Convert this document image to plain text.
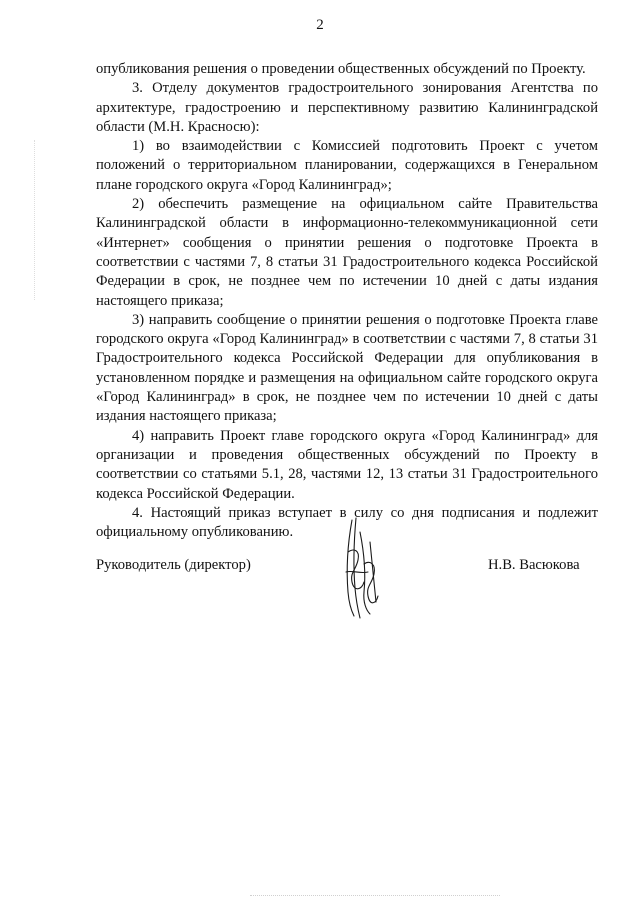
2

опубликования решения о проведении общественных обсуждений по Проекту.

3. Отделу документов градостроительного зонирования Агентства по архитектуре, градостроению и перспективному развитию Калининградской области (М.Н. Красносю):

1) во взаимодействии с Комиссией подготовить Проект с учетом положений о территориальном планировании, содержащихся в Генеральном плане городского округа «Город Калининград»;

2) обеспечить размещение на официальном сайте Правительства Калининградской области в информационно-телекоммуникационной сети «Интернет» сообщения о принятии решения о подготовке Проекта в соответствии с частями 7, 8 статьи 31 Градостроительного кодекса Российской Федерации в срок, не позднее чем по истечении 10 дней с даты издания настоящего приказа;

3) направить сообщение о принятии решения о подготовке Проекта главе городского округа «Город Калининград» в соответствии с частями 7, 8 статьи 31 Градостроительного кодекса Российской Федерации для опубликования в установленном порядке и размещения на официальном сайте городского округа «Город Калининград» в срок, не позднее чем по истечении 10 дней с даты издания настоящего приказа;

4) направить Проект главе городского округа «Город Калининград» для организации и проведения общественных обсуждений по Проекту в соответствии со статьями 5.1, 28, частями 12, 13 статьи 31 Градостроительного кодекса Российской Федерации.

4. Настоящий приказ вступает в силу со дня подписания и подлежит официальному опубликованию.

Руководитель (директор)	Н.В. Васюкова
